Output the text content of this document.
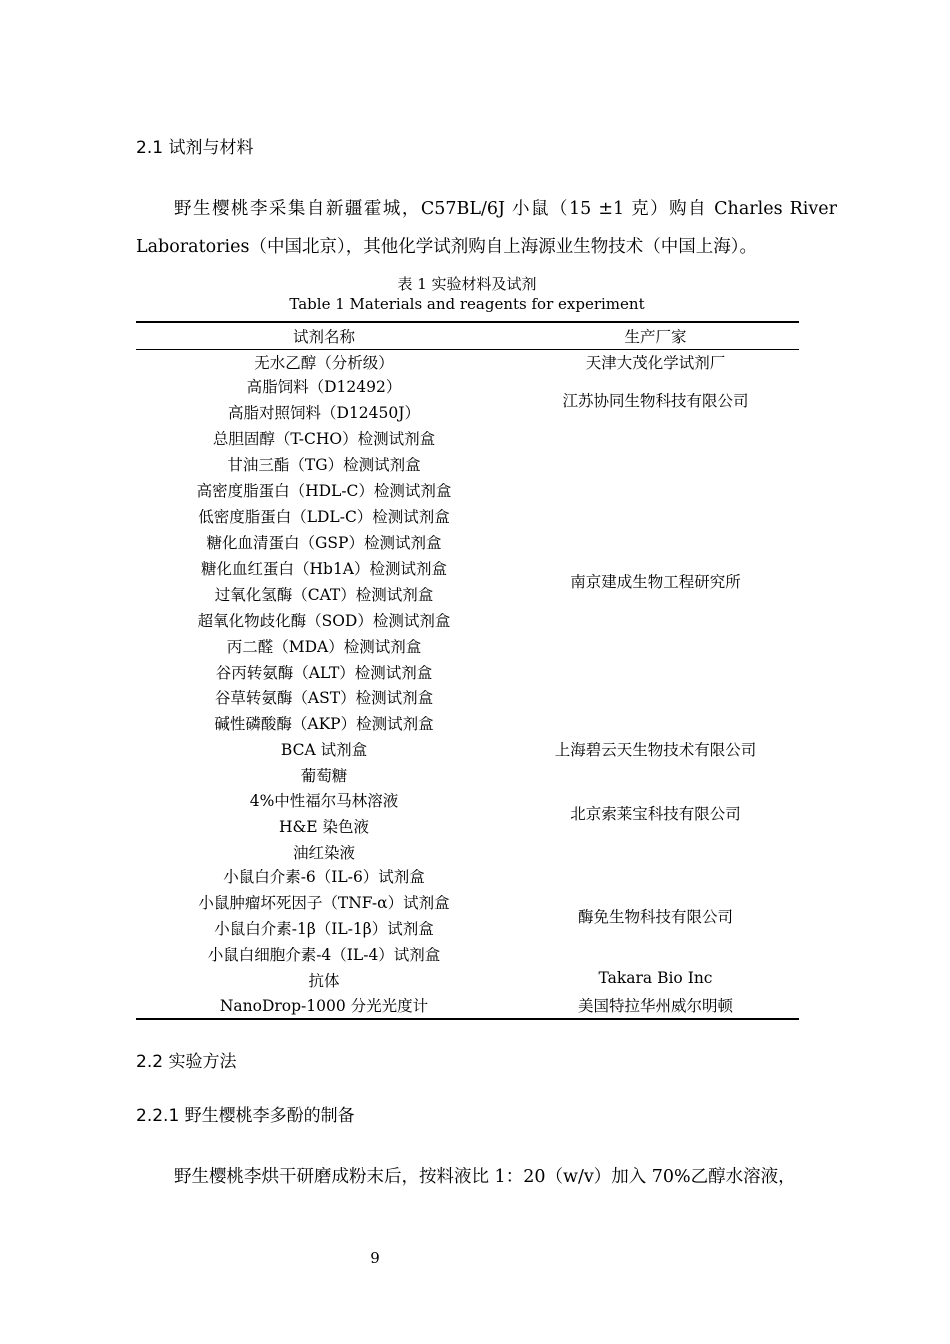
2.1 试剂与材料
野生樱桃李采集自新疆霍城，C57BL/6J 小鼠（15 ±1 克）购自 Charles River
Laboratories（中国北京），其他化学试剂购自上海源业生物技术（中国上海）。
表 1 实验材料及试剂
Table 1 Materials and reagents for experiment
试剂名称	生产厂家
无水乙醇（分析级）
高脂饲料（D12492）
高脂对照饲料（D12450J）
总胆固醇（T-CHO）检测试剂盒
甘油三酯（TG）检测试剂盒
高密度脂蛋白（HDL-C）检测试剂盒
低密度脂蛋白（LDL-C）检测试剂盒
糖化血清蛋白（GSP）检测试剂盒
糖化血红蛋白（Hb1A）检测试剂盒
过氧化氢酶（CAT）检测试剂盒
超氧化物歧化酶（SOD）检测试剂盒
丙二醛（MDA）检测试剂盒
谷丙转氨酶（ALT）检测试剂盒
谷草转氨酶（AST）检测试剂盒
碱性磷酸酶（AKP）检测试剂盒
BCA 试剂盒
葡萄糖
4%中性福尔马林溶液
H&E 染色液
油红染液
小鼠白介素-6（IL-6）试剂盒
小鼠肿瘤坏死因子（TNF-α）试剂盒
小鼠白介素-1β（IL-1β）试剂盒
小鼠白细胞介素-4（IL-4）试剂盒
抗体
NanoDrop-1000 分光光度计
天津大茂化学试剂厂
江苏协同生物科技有限公司
南京建成生物工程研究所
上海碧云天生物技术有限公司
北京索莱宝科技有限公司
酶免生物科技有限公司
Takara Bio Inc
美国特拉华州威尔明顿
2.2 实验方法
2.2.1 野生樱桃李多酚的制备
野生樱桃李烘干研磨成粉末后，按料液比 1：20（w/v）加入 70%乙醇水溶液，
9
